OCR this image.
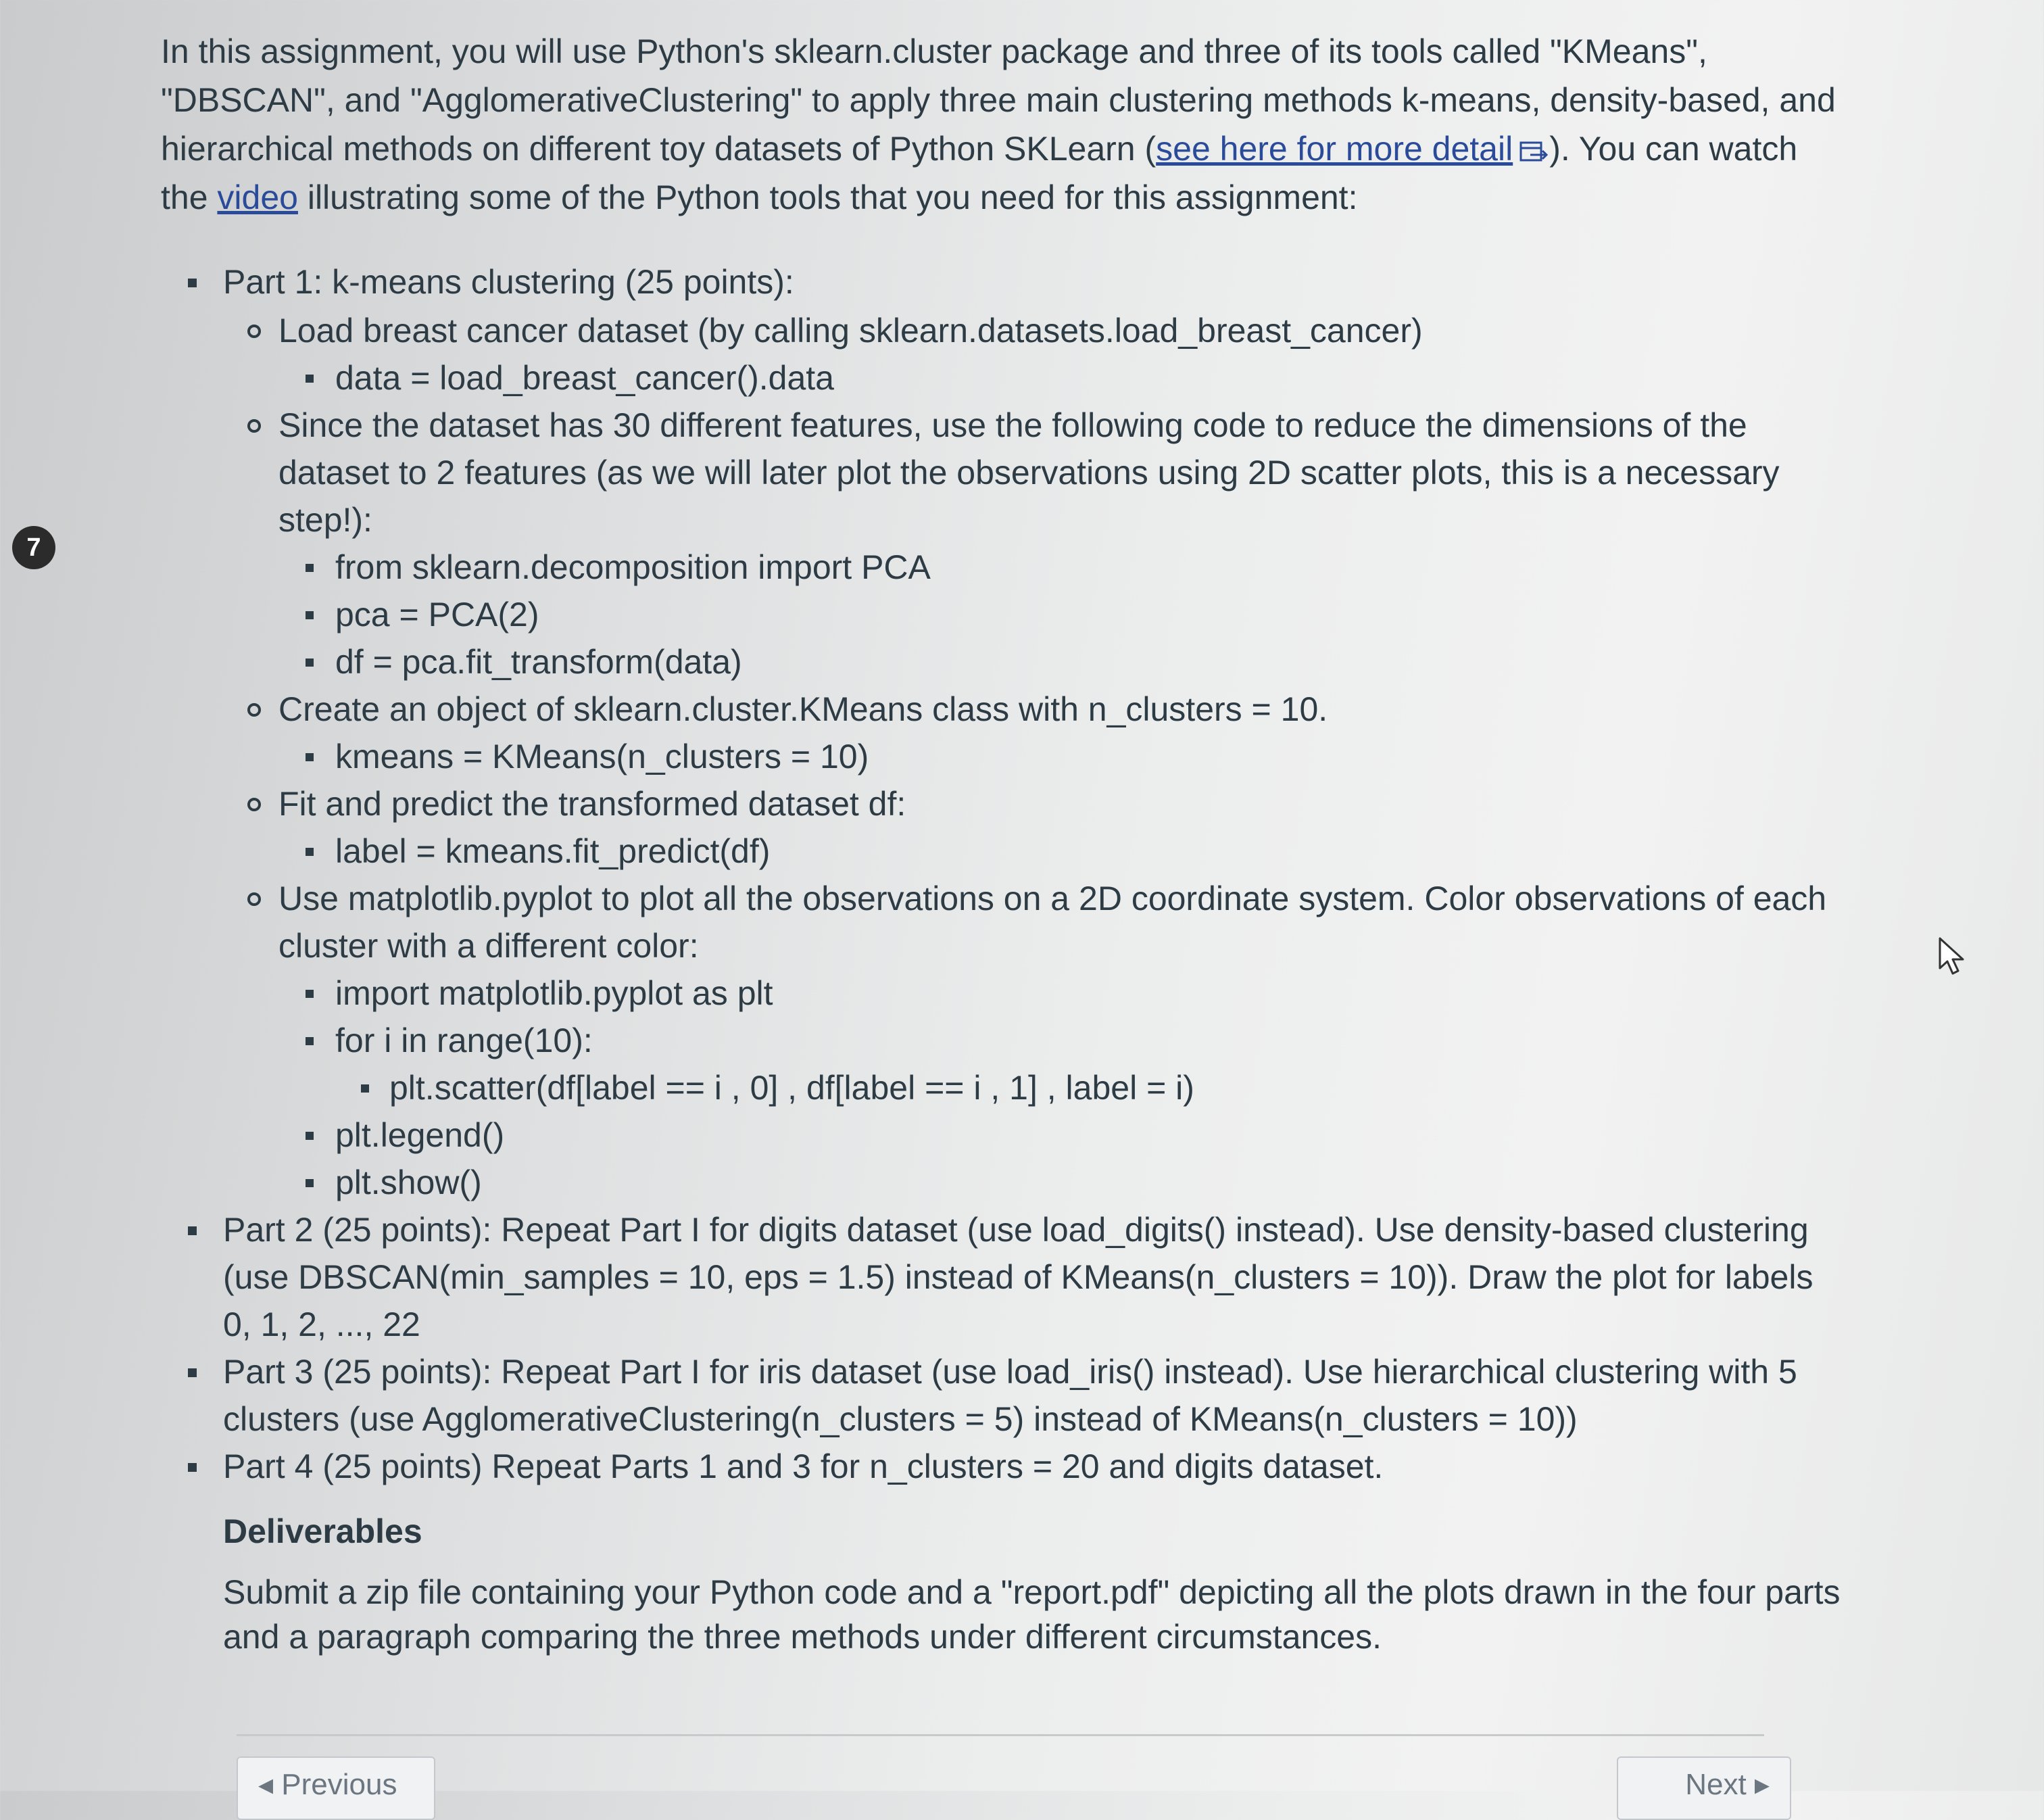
7

In this assignment, you will use Python's sklearn.cluster package and three of its tools called "KMeans", "DBSCAN", and "AgglomerativeClustering" to apply three main clustering methods k-means, density-based, and hierarchical methods on different toy datasets of Python SKLearn (see here for more detail ). You can watch the video illustrating some of the Python tools that you need for this assignment:

Part 1: k-means clustering (25 points):
Load breast cancer dataset (by calling sklearn.datasets.load_breast_cancer)
data = load_breast_cancer().data
Since the dataset has 30 different features, use the following code to reduce the dimensions of the dataset to 2 features (as we will later plot the observations using 2D scatter plots, this is a necessary step!):
from sklearn.decomposition import PCA
pca = PCA(2)
df = pca.fit_transform(data)
Create an object of sklearn.cluster.KMeans class with n_clusters = 10.
kmeans = KMeans(n_clusters = 10)
Fit and predict the transformed dataset df:
label = kmeans.fit_predict(df)
Use matplotlib.pyplot to plot all the observations on a 2D coordinate system. Color observations of each cluster with a different color:
import matplotlib.pyplot as plt
for i in range(10):
plt.scatter(df[label == i , 0] , df[label == i , 1] , label = i)
plt.legend()
plt.show()
Part 2 (25 points): Repeat Part I for digits dataset (use load_digits() instead). Use density-based clustering (use DBSCAN(min_samples = 10, eps = 1.5) instead of KMeans(n_clusters = 10)). Draw the plot for labels 0, 1, 2, ..., 22
Part 3 (25 points): Repeat Part I for iris dataset (use load_iris() instead). Use hierarchical clustering with 5 clusters (use AgglomerativeClustering(n_clusters = 5) instead of KMeans(n_clusters = 10))
Part 4 (25 points) Repeat Parts 1 and 3 for n_clusters = 20 and digits dataset.
Deliverables

Submit a zip file containing your Python code and a "report.pdf" depicting all the plots drawn in the four parts and a paragraph comparing the three methods under different circumstances.

◂ Previous	Next ▸
